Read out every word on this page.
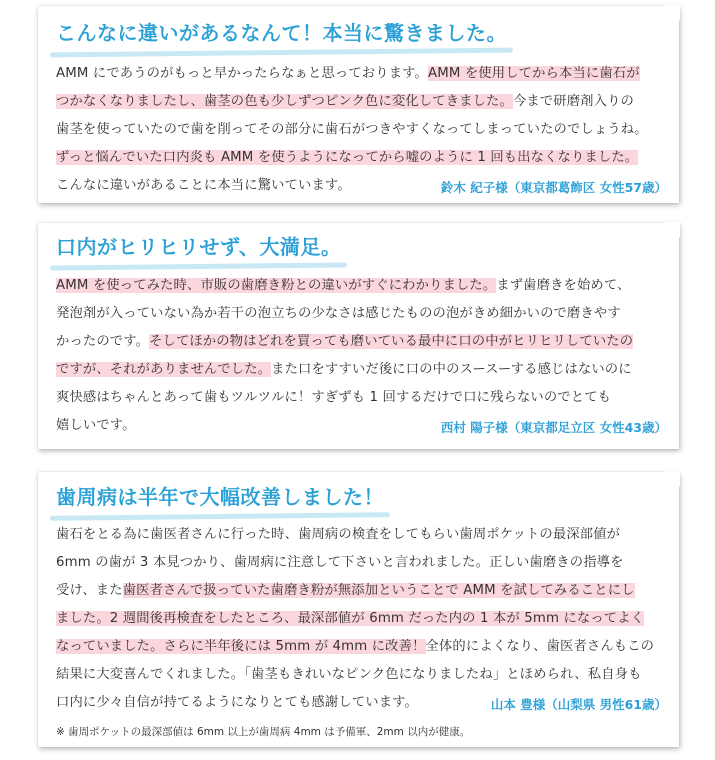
こんなに違いがあるなんて！本当に驚きました。
AMM にであうのがもっと早かったらなぁと思っております。AMM を使用してから本当に歯石が
つかなくなりましたし、歯茎の色も少しずつピンク色に変化してきました。今まで研磨剤入りの
歯茎を使っていたので歯を削ってその部分に歯石がつきやすくなってしまっていたのでしょうね。
ずっと悩んでいた口内炎も AMM を使うようになってから嘘のように 1 回も出なくなりました。
こんなに違いがあることに本当に驚いています。	鈴木 紀子様（東京都葛飾区 女性57歳）
口内がヒリヒリせず、大満足。
AMM を使ってみた時、市販の歯磨き粉との違いがすぐにわかりました。まず歯磨きを始めて、
発泡剤が入っていない為か若干の泡立ちの少なさは感じたものの泡がきめ細かいので磨きやす
かったのです。そしてほかの物はどれを買っても磨いている最中に口の中がヒリヒリしていたの
ですが、それがありませんでした。また口をすすいだ後に口の中のスースーする感じはないのに
爽快感はちゃんとあって歯もツルツルに！すぎずも 1 回するだけで口に残らないのでとても
嬉しいです。	西村 陽子様（東京都足立区 女性43歳）
歯周病は半年で大幅改善しました！
歯石をとる為に歯医者さんに行った時、歯周病の検査をしてもらい歯周ポケットの最深部値が
6mm の歯が 3 本見つかり、歯周病に注意して下さいと言われました。正しい歯磨きの指導を
受け、また歯医者さんで扱っていた歯磨き粉が無添加ということで AMM を試してみることにし
ました。2 週間後再検査をしたところ、最深部値が 6mm だった内の 1 本が 5mm になってよく
なっていました。さらに半年後には 5mm が 4mm に改善！全体的によくなり、歯医者さんもこの
結果に大変喜んでくれました。「歯茎もきれいなピンク色になりましたね」とほめられ、私自身も
口内に少々自信が持てるようになりとても感謝しています。	山本 豊様（山梨県 男性61歳）
※ 歯周ポケットの最深部値は 6mm 以上が歯周病 4mm は予備軍、2mm 以内が健康。
